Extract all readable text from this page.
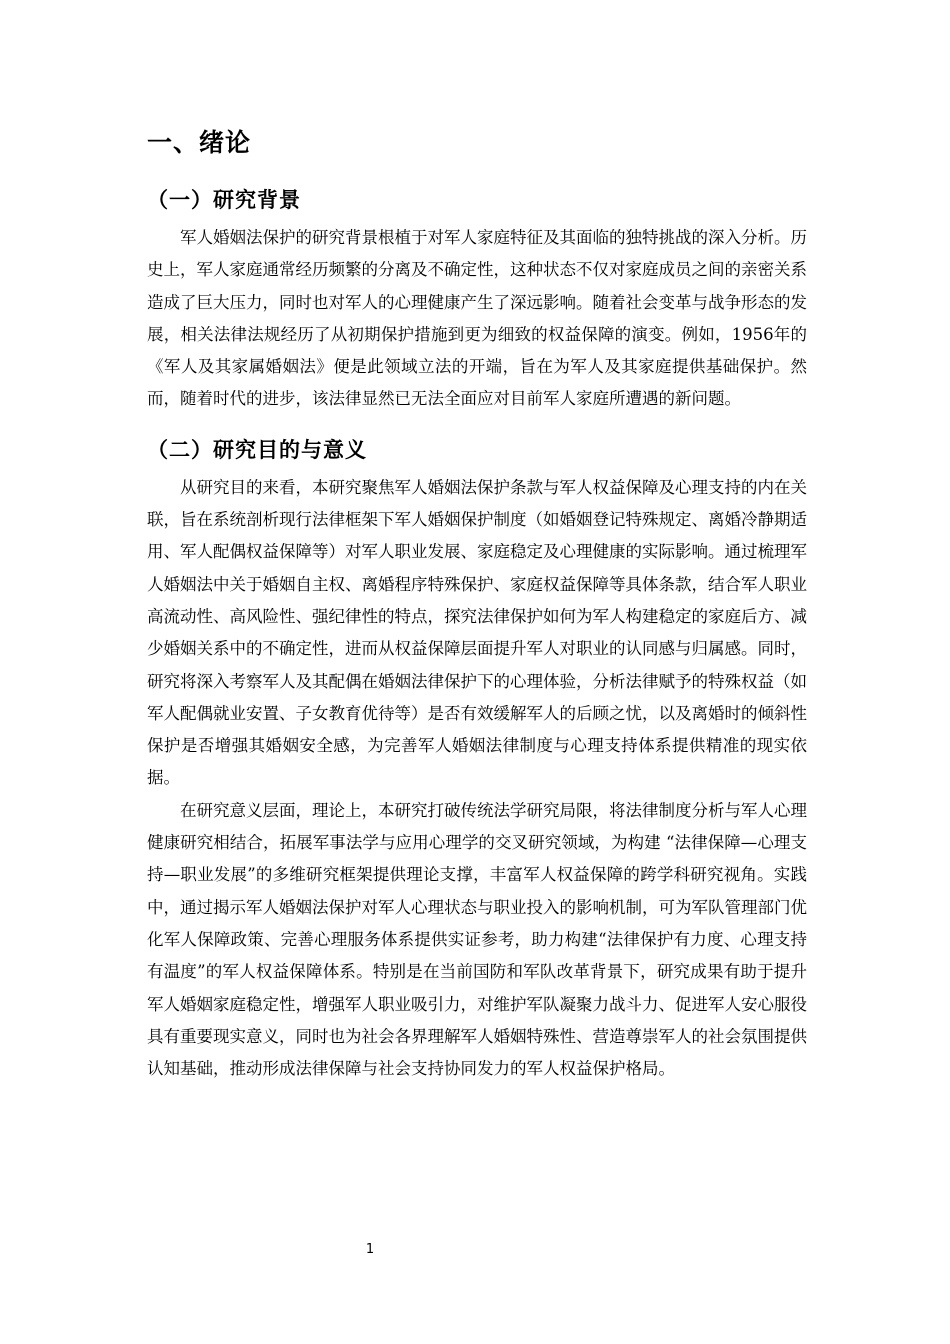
一、绪论
（一）研究背景

军人婚姻法保护的研究背景根植于对军人家庭特征及其面临的独特挑战的深入分析。历史上，军人家庭通常经历频繁的分离及不确定性，这种状态不仅对家庭成员之间的亲密关系造成了巨大压力，同时也对军人的心理健康产生了深远影响。随着社会变革与战争形态的发展，相关法律法规经历了从初期保护措施到更为细致的权益保障的演变。例如，1956年的《军人及其家属婚姻法》便是此领域立法的开端，旨在为军人及其家庭提供基础保护。然而，随着时代的进步，该法律显然已无法全面应对目前军人家庭所遭遇的新问题。

（二）研究目的与意义

从研究目的来看，本研究聚焦军人婚姻法保护条款与军人权益保障及心理支持的内在关联，旨在系统剖析现行法律框架下军人婚姻保护制度（如婚姻登记特殊规定、离婚冷静期适用、军人配偶权益保障等）对军人职业发展、家庭稳定及心理健康的实际影响。通过梳理军人婚姻法中关于婚姻自主权、离婚程序特殊保护、家庭权益保障等具体条款，结合军人职业高流动性、高风险性、强纪律性的特点，探究法律保护如何为军人构建稳定的家庭后方、减少婚姻关系中的不确定性，进而从权益保障层面提升军人对职业的认同感与归属感。同时，研究将深入考察军人及其配偶在婚姻法律保护下的心理体验，分析法律赋予的特殊权益（如军人配偶就业安置、子女教育优待等）是否有效缓解军人的后顾之忧，以及离婚时的倾斜性保护是否增强其婚姻安全感，为完善军人婚姻法律制度与心理支持体系提供精准的现实依据。

在研究意义层面，理论上，本研究打破传统法学研究局限，将法律制度分析与军人心理健康研究相结合，拓展军事法学与应用心理学的交叉研究领域，为构建 “法律保障—心理支持—职业发展”的多维研究框架提供理论支撑，丰富军人权益保障的跨学科研究视角。实践中，通过揭示军人婚姻法保护对军人心理状态与职业投入的影响机制，可为军队管理部门优化军人保障政策、完善心理服务体系提供实证参考，助力构建“法律保护有力度、心理支持有温度”的军人权益保障体系。特别是在当前国防和军队改革背景下，研究成果有助于提升军人婚姻家庭稳定性，增强军人职业吸引力，对维护军队凝聚力战斗力、促进军人安心服役具有重要现实意义，同时也为社会各界理解军人婚姻特殊性、营造尊崇军人的社会氛围提供认知基础，推动形成法律保障与社会支持协同发力的军人权益保护格局。

1
